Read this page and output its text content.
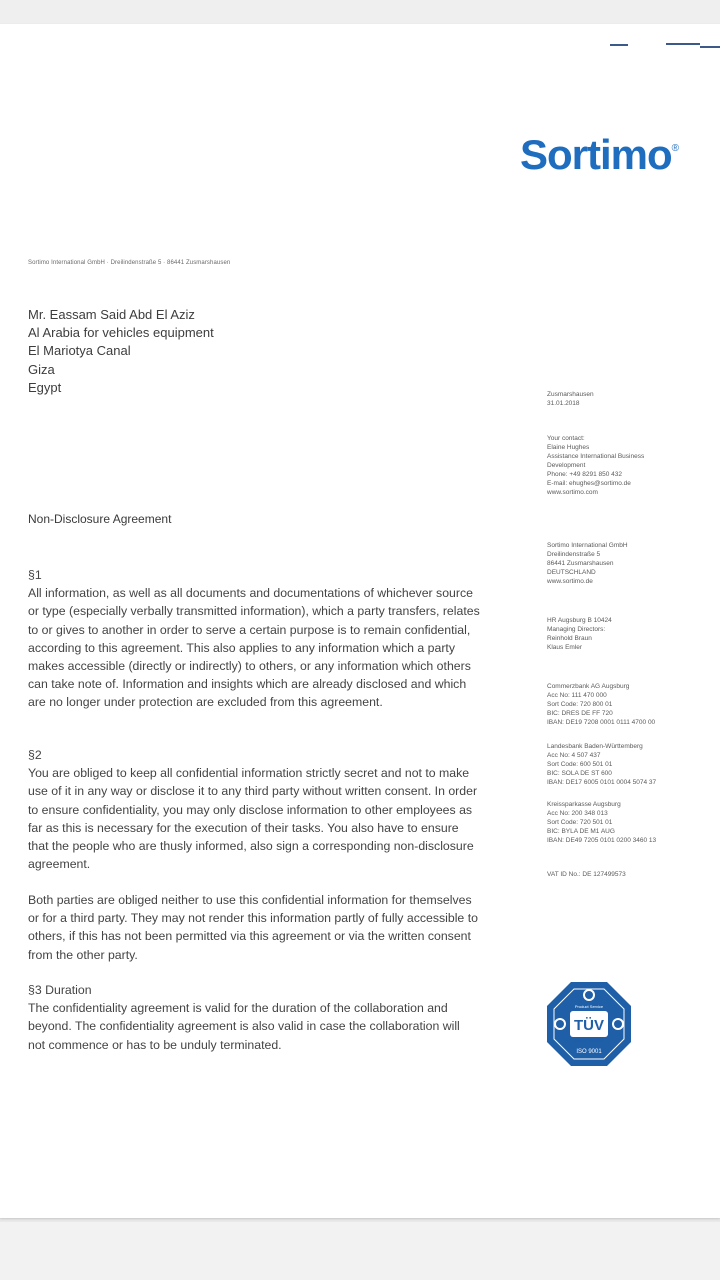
Sortimo®
Sortimo International GmbH · Dreilindenstraße 5 · 86441 Zusmarshausen
Mr. Eassam Said Abd El Aziz
Al Arabia for vehicles equipment
El Mariotya Canal
Giza
Egypt	Zusmarshausen
31.01.2018
Your contact:
Elaine Hughes
Assistance International Business
Development
Phone: +49 8291 850 432
E-mail: ehughes@sortimo.de
www.sortimo.com
Sortimo International GmbH
Dreilindenstraße 5
86441 Zusmarshausen
DEUTSCHLAND
www.sortimo.de
HR Augsburg B 10424
Managing Directors:
Reinhold Braun
Klaus Emler
Commerzbank AG Augsburg
Acc No: 111 470 000
Sort Code: 720 800 01
BIC: DRES DE FF 720
IBAN: DE19 7208 0001 0111 4700 00
Landesbank Baden-Württemberg
Acc No: 4 507 437
Sort Code: 600 501 01
BIC: SOLA DE ST 600
IBAN: DE17 6005 0101 0004 5074 37
Kreissparkasse Augsburg
Acc No: 200 348 013
Sort Code: 720 501 01
BIC: BYLA DE M1 AUG
IBAN: DE49 7205 0101 0200 3460 13
VAT ID No.: DE 127499573
Non-Disclosure Agreement
§1

All information, as well as all documents and documentations of whichever source or type (especially verbally transmitted information), which a party transfers, relates to or gives to another in order to serve a certain purpose is to remain confidential, according to this agreement. This also applies to any information which a party makes accessible (directly or indirectly) to others, or any information which others can take note of. Information and insights which are already disclosed and which are no longer under protection are excluded from this agreement.

§2

You are obliged to keep all confidential information strictly secret and not to make use of it in any way or disclose it to any third party without written consent. In order to ensure confidentiality, you may only disclose information to other employees as far as this is necessary for the execution of their tasks. You also have to ensure that the people who are thusly informed, also sign a corresponding non-disclosure agreement.

Both parties are obliged neither to use this confidential information for themselves or for a third party. They may not render this information partly of fully accessible to others, if this has not been permitted via this agreement or via the written consent from the other party.

§3 Duration

The confidentiality agreement is valid for the duration of the collaboration and beyond. The confidentiality agreement is also valid in case the collaboration will not commence or has to be unduly terminated.

TÜV
ISO 9001
Product Service
Geprüfte Sicherheit
